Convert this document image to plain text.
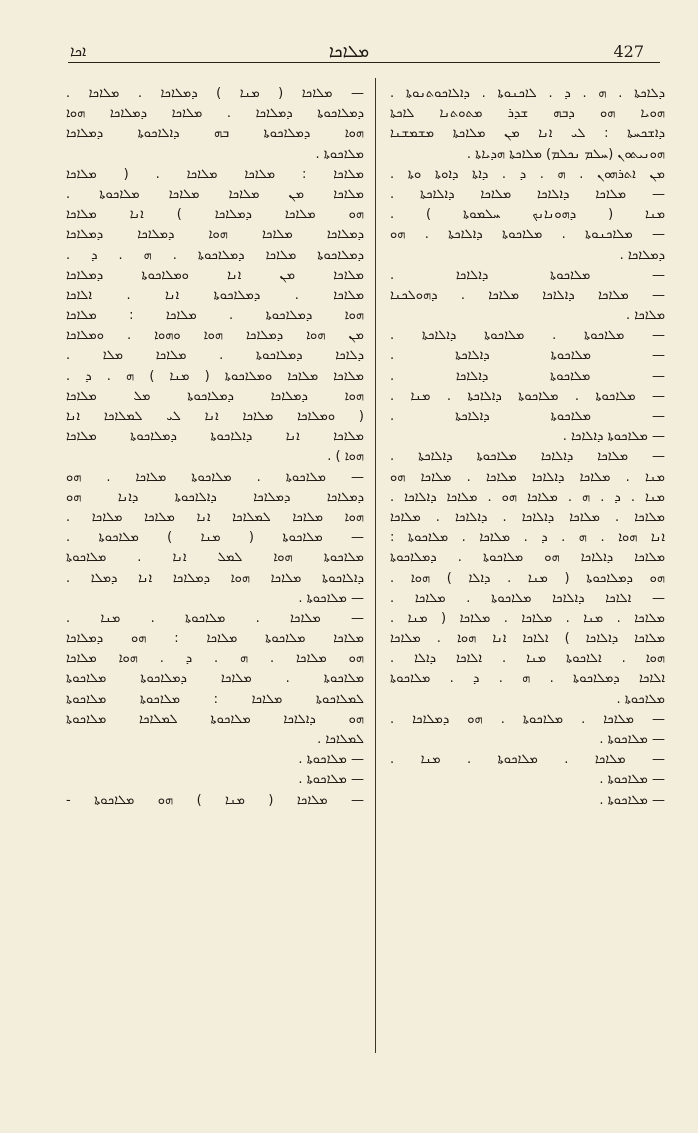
ܐܟܐ	ܡܠܐܟܐ	427
ܕܠܐܟܬܐ . ܗ . ܕ . ܠܐܟܢܘܬܐ . ܕܐܠܐܟܘܬܢܘܬܐ .
ܗܘܝܐ ܗܘ ܕܒܗ ܫܕܪ ܡܬܘܬܢܐ ܠܐܟܬܐ
ܕܐܫܟܚܬܐ : ܠܝ ܐܢܐ ܡܢ ܡܠܐܟܬܐ ܡܫܡܫܢܐ
ܗܘܢܝܬܘܢ (ܚܠܡ ܢܟܠܡ) ܡܠܐܟܬܐ ܗܕܝܐܬܐ .
ܡܢ ܐܬܪܗܘܢ . ܗ . ܕ . ܕܐܬܐ ܕܐܘܬܐ ܘܬܐ .
— ܡܠܐܟܐ ܕܐܠܐܟܐ ܡܠܐܟܐ ܕܐܠܐܟܬܐ .
ܡܢܐ ( ܕܗܘܢܐܢܟ ܚܠܡܘܬܐ ) .
— ܡܠܐܟܢܘܬܐ . ܡܠܐܟܘܬܐ ܕܐܠܐܟܬܐ . ܗܘ
ܕܡܠܐܟܐ .
— ܡܠܐܟܘܬܐ ܕܐܠܐܟܐ .
— ܡܠܐܟܐ ܕܐܠܐܟܐ ܡܠܐܟܐ . ܕܗܘܠܟܢܐ
ܡܠܐܟܐ .
— ܡܠܐܟܘܬܐ . ܡܠܐܟܘܬܐ ܕܐܠܐܟܬܐ .
— ܡܠܐܟܘܬܐ ܕܐܠܐܟܬܐ .
— ܡܠܐܟܘܬܐ ܕܐܠܐܟܐ .
— ܡܠܐܟܘܬܐ . ܡܠܐܟܘܬܐ ܕܐܠܐܟܬܐ . ܡܢܐ .
— ܡܠܐܟܘܬܐ ܕܐܠܐܟܬܐ .
— ܡܠܐܟܘܬܐ ܕܐܠܐܟܐ .
— ܡܠܐܟܐ ܕܐܠܐܟܐ ܡܠܐܟܘܬܐ ܕܐܠܐܟܬܐ .
ܡܢܐ . ܡܠܐܟܐ ܕܐܠܐܟܐ ܡܠܐܟܐ . ܡܠܐܟܐ ܗܘ
ܡܢܐ . ܕ . ܗ . ܡܠܐܟܐ ܗܘ . ܡܠܐܟܐ ܕܐܠܐܟܐ .
ܡܠܐܟܐ . ܡܠܐܟܐ ܕܐܠܐܟܐ . ܕܐܠܐܟܐ . ܡܠܐܟܐ
ܐܢܐ ܗܘܐ . ܗ . ܕ . ܡܠܐܟܐ . ܡܠܐܟܘܬܐ :
ܡܠܐܟܐ ܕܐܠܐܟܐ ܗܘ ܡܠܐܟܘܬܐ . ܕܡܠܐܟܘܬܐ
ܗܘ ܕܡܠܐܟܘܬܐ ( ܡܢܐ . ܕܐܠܐ ) ܗܘܐ .
— ܐܠܐܟܐ ܕܐܠܐܟܐ ܡܠܐܟܘܬܐ . ܡܠܐܟܐ .
ܡܠܐܟܐ . ܡܢܐ . ܡܠܐܟܐ . ܡܠܐܟܐ ( ܡܢܐ .
ܡܠܐܟܐ ܕܐܠܐܟܐ ) ܐܠܐܟܐ ܐܢܐ ܗܘܐ . ܡܠܐܟܐ
ܗܘܐ . ܐܠܐܟܘܬܐ ܡܢܐ . ܐܠܐܟܐ ܕܐܠܐ .
ܐܠܐܟܐ ܕܡܠܐܟܘܬܐ . ܗ . ܕ . ܡܠܐܟܘܬܐ
ܡܠܐܟܘܬܐ .
— ܡܠܐܟܐ . ܡܠܐܟܘܬܐ . ܗܘ ܕܡܠܐܟܐ .
— ܡܠܐܟܘܬܐ .
— ܡܠܐܟܐ . ܡܠܐܟܘܬܐ . ܡܢܐ .
— ܡܠܐܟܘܬܐ .
— ܡܠܐܟܘܬܐ .
— ܡܠܐܟܐ ( ܡܢܐ ) ܕܡܠܐܟܐ . ܡܠܐܟܐ .
ܕܡܠܐܟܘܬܐ ܕܡܠܐܟܐ . ܡܠܐܟܐ ܕܡܠܐܟܐ ܗܘܐ
ܗܘܐ ܕܡܠܐܟܘܬܐ ܒܗ ܕܐܠܐܟܘܬܐ ܕܡܠܐܟܐ
ܡܠܐܟܘܬܐ .
ܡܠܐܟܐ : ܡܠܐܟܐ ܡܠܐܟܐ . ( ܡܠܐܟܐ
ܡܠܐܟܐ ܡܢ ܡܠܐܟܐ ܡܠܐܟܐ ܡܠܐܟܘܬܐ .
ܗܘ ܡܠܐܟܐ ܕܡܠܐܟܐ ) ܐܢܐ ܡܠܐܟܐ
ܕܡܠܐܟܐ ܡܠܐܟܐ ܗܘܐ ܕܡܠܐܟܐ ܕܡܠܐܟܐ
ܕܡܠܐܟܘܬܐ ܡܠܐܟܐ ܕܡܠܐܟܘܬܐ . ܗ . ܕ .
ܡܠܐܟܐ ܡܢ ܐܢܐ ܘܡܠܐܟܘܬܐ ܕܡܠܐܟܐ
ܡܠܐܟܐ . ܕܡܠܐܟܘܬܐ ܐܢܐ . ܐܠܐܟܐ
ܗܘܐ ܕܡܠܐܟܘܬܐ . ܡܠܐܟܐ : ܡܠܐܟܐ
ܡܢ ܗܘܐ ܕܡܠܐܟܐ ܗܘܐ ܘܗܘܐ . ܘܡܠܐܟܐ
ܕܠܐܟܐ ܕܡܠܐܟܘܬܐ . ܡܠܐܟܐ ܡܠܐ .
ܡܠܐܟܐ ܡܠܐܟܐ ܘܡܠܐܟܘܬܐ ( ܡܢܐ ) ܗ . ܕ .
ܗܘܐ ܕܡܠܐܟܐ ܕܡܠܐܟܘܬܐ ܡܠ ܡܠܐܟܐ
( ܘܡܠܐܟܐ ܡܠܐܟܐ ܐܢܐ ܠܝ ܠܡܠܐܟܐ ܐܢܐ
ܡܠܐܟܐ ܐܢܐ ܕܐܠܐܟܘܬܐ ܕܡܠܐܟܘܬܐ ܡܠܐܟܐ
ܗܘܐ ) .
— ܡܠܐܟܘܬܐ . ܡܠܐܟܘܬܐ ܡܠܐܟܐ . ܗܘ
ܕܡܠܐܟܐ ܕܡܠܐܟܐ ܕܐܠܐܟܘܬܐ ܕܐܢܐ ܗܘ
ܗܘܐ ܡܠܐܟܐ ܠܡܠܐܟܐ ܐܢܐ ܡܠܐܟܐ ܡܠܐܟܐ .
— ܡܠܐܟܘܬܐ ( ܡܢܐ ) ܡܠܐܟܘܬܐ .
ܡܠܐܟܘܬܐ ܗܘܐ ܠܡܠ ܐܢܐ . ܡܠܐܟܘܬܐ
ܕܐܠܐܟܘܬܐ ܡܠܐܟܐ ܗܘܐ ܕܡܠܐܟܐ ܐܢܐ ܕܡܠܐ .
— ܡܠܐܟܘܬܐ .
— ܡܠܐܟܐ . ܡܠܐܟܘܬܐ . ܡܢܐ .
ܡܠܐܟܐ ܡܠܐܟܘܬܐ ܡܠܐܟܐ : ܗܘ ܕܡܠܐܟܐ
ܗܘ ܡܠܐܟܐ . ܗ . ܕ . ܗܘܐ ܡܠܐܟܐ
ܡܠܐܟܘܬܐ . ܡܠܐܟܐ ܕܡܠܐܟܘܬܐ ܡܠܐܟܘܬܐ
ܠܡܠܐܟܘܬܐ ܡܠܐܟܐ : ܡܠܐܟܘܬܐ ܡܠܐܟܘܬܐ
ܗܘ ܕܐܠܐܟܐ ܡܠܐܟܘܬܐ ܠܡܠܐܟܐ ܡܠܐܟܘܬܐ
ܠܡܠܐܟܐ .
— ܡܠܐܟܘܬܐ .
— ܡܠܐܟܘܬܐ .
— ܡܠܐܟܐ ( ܡܢܐ ) ܗܘ ܡܠܐܟܘܬܐ -
